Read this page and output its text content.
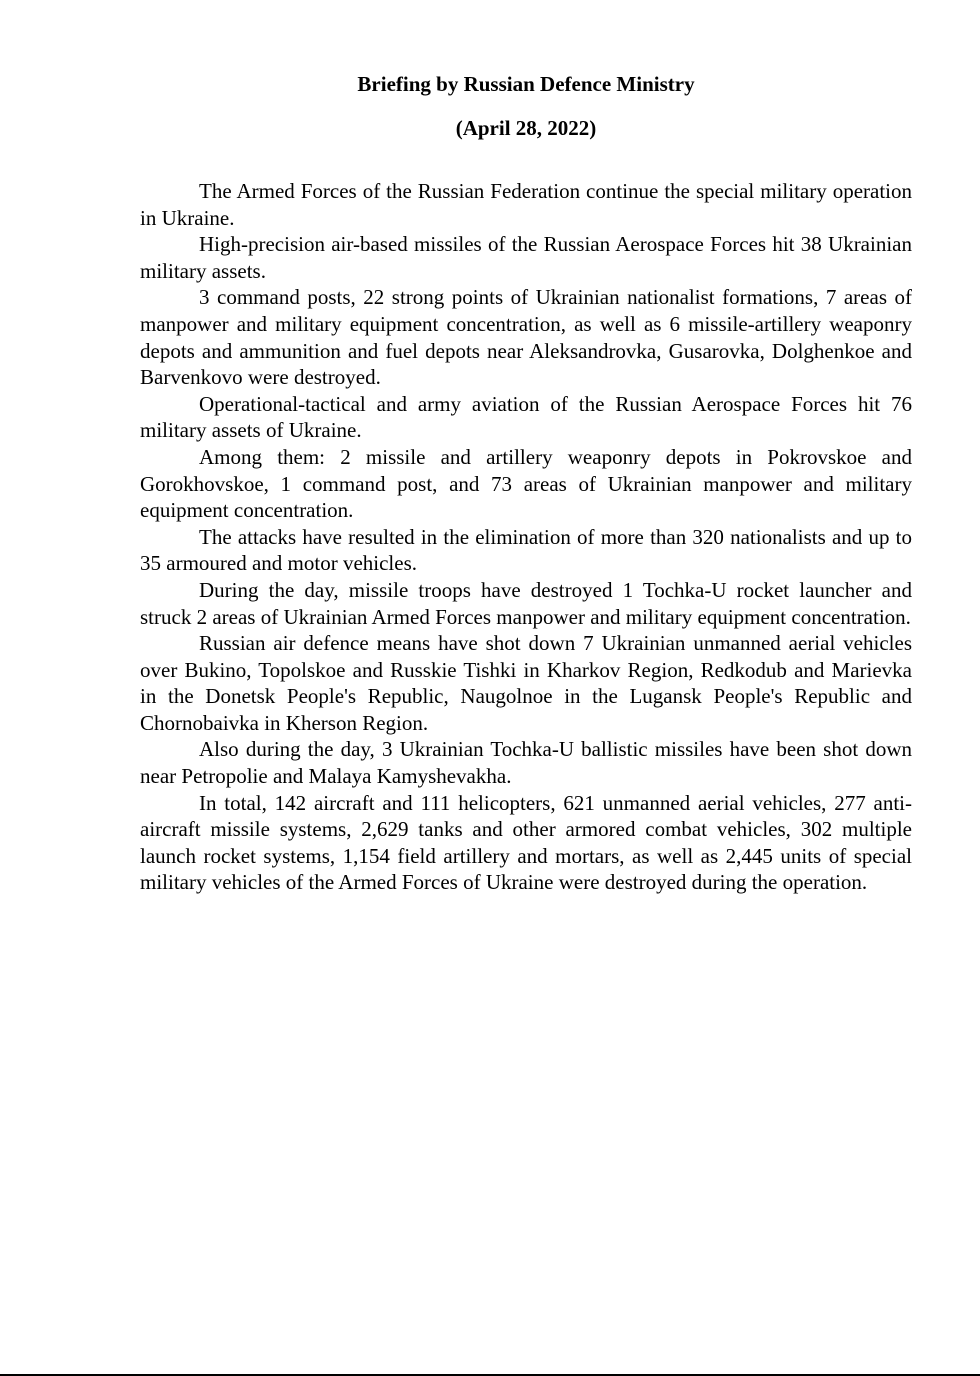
Briefing by Russian Defence Ministry
(April 28, 2022)

The Armed Forces of the Russian Federation continue the special military operation in Ukraine.

High-precision air-based missiles of the Russian Aerospace Forces hit 38 Ukrainian military assets.

3 command posts, 22 strong points of Ukrainian nationalist formations, 7 areas of manpower and military equipment concentration, as well as 6 missile-artillery weaponry depots and ammunition and fuel depots near Aleksandrovka, Gusarovka, Dolghenkoe and Barvenkovo were destroyed.

Operational-tactical and army aviation of the Russian Aerospace Forces hit 76 military assets of Ukraine.

Among them: 2 missile and artillery weaponry depots in Pokrovskoe and Gorokhovskoe, 1 command post, and 73 areas of Ukrainian manpower and military equipment concentration.

The attacks have resulted in the elimination of more than 320 nationalists and up to 35 armoured and motor vehicles.

During the day, missile troops have destroyed 1 Tochka-U rocket launcher and struck 2 areas of Ukrainian Armed Forces manpower and military equipment concentration.

Russian air defence means have shot down 7 Ukrainian unmanned aerial vehicles over Bukino, Topolskoe and Russkie Tishki in Kharkov Region, Redkodub and Marievka in the Donetsk People's Republic, Naugolnoe in the Lugansk People's Republic and Chornobaivka in Kherson Region.

Also during the day, 3 Ukrainian Tochka-U ballistic missiles have been shot down near Petropolie and Malaya Kamyshevakha.

In total, 142 aircraft and 111 helicopters, 621 unmanned aerial vehicles, 277 anti-aircraft missile systems, 2,629 tanks and other armored combat vehicles, 302 multiple launch rocket systems, 1,154 field artillery and mortars, as well as 2,445 units of special military vehicles of the Armed Forces of Ukraine were destroyed during the operation.
